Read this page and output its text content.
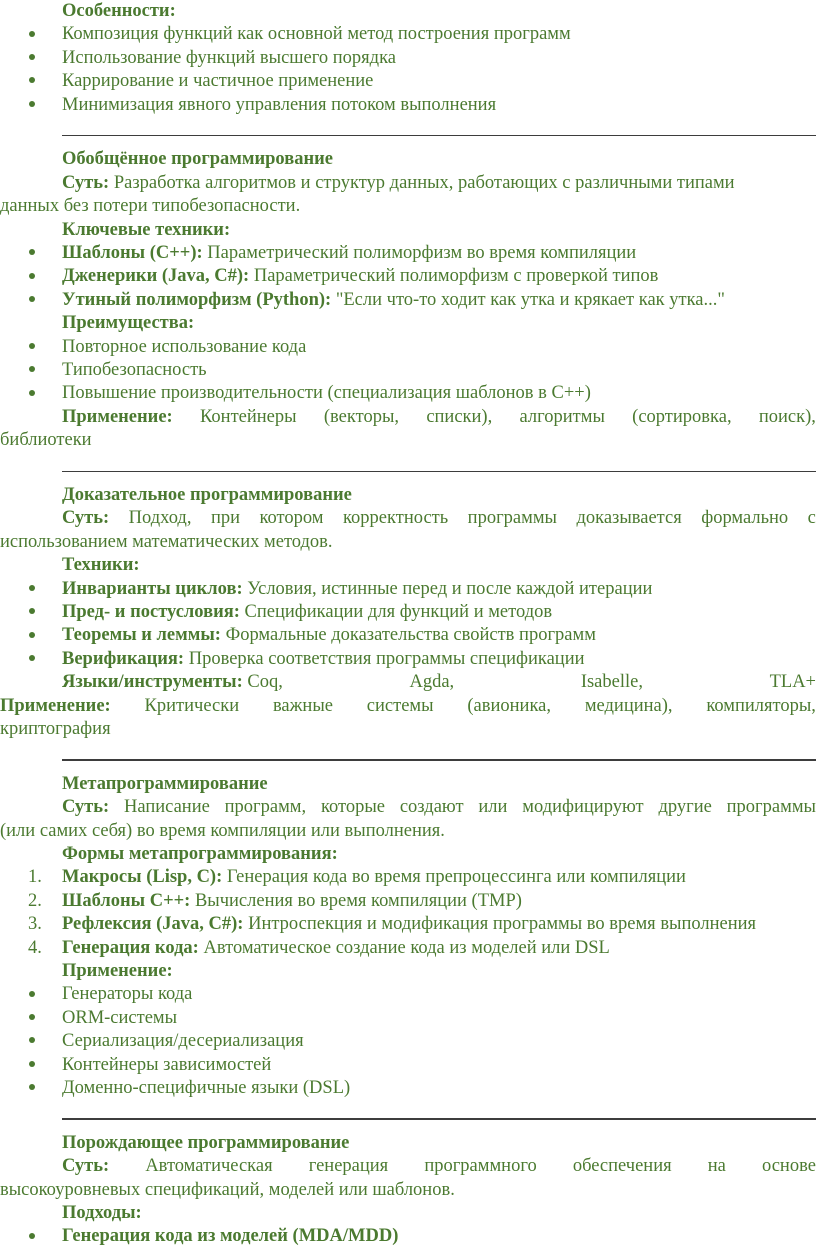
Особенности:
Композиция функций как основной метод построения программ
Использование функций высшего порядка
Каррирование и частичное применение
Минимизация явного управления потоком выполнения
Обобщённое программирование
Суть: Разработка алгоритмов и структур данных, работающих с различными типами
данных без потери типобезопасности.
Ключевые техники:
Шаблоны (C++): Параметрический полиморфизм во время компиляции
Дженерики (Java, C#): Параметрический полиморфизм с проверкой типов
Утиный полиморфизм (Python): "Если что-то ходит как утка и крякает как утка..."
Преимущества:
Повторное использование кода
Типобезопасность
Повышение производительности (специализация шаблонов в C++)
Применение: Контейнеры (векторы, списки), алгоритмы (сортировка, поиск),
библиотеки
Доказательное программирование
Суть: Подход, при котором корректность программы доказывается формально с
использованием математических методов.
Техники:
Инварианты циклов: Условия, истинные перед и после каждой итерации
Пред- и постусловия: Спецификации для функций и методов
Теоремы и леммы: Формальные доказательства свойств программ
Верификация: Проверка соответствия программы спецификации
Языки/инструменты: Coq,	Agda,	Isabelle,	TLA+
Применение: Критически важные системы (авионика, медицина), компиляторы,
криптография
Метапрограммирование
Суть: Написание программ, которые создают или модифицируют другие программы
(или самих себя) во время компиляции или выполнения.
Формы метапрограммирования:
1.	Макросы (Lisp, C): Генерация кода во время препроцессинга или компиляции
2.	Шаблоны C++: Вычисления во время компиляции (TMP)
3.	Рефлексия (Java, C#): Интроспекция и модификация программы во время выполнения
4.	Генерация кода: Автоматическое создание кода из моделей или DSL
Применение:
Генераторы кода
ORM-системы
Сериализация/десериализация
Контейнеры зависимостей
Доменно-специфичные языки (DSL)
Порождающее программирование
Суть: Автоматическая генерация программного обеспечения на основе
высокоуровневых спецификаций, моделей или шаблонов.
Подходы:
Генерация кода из моделей (MDA/MDD)
